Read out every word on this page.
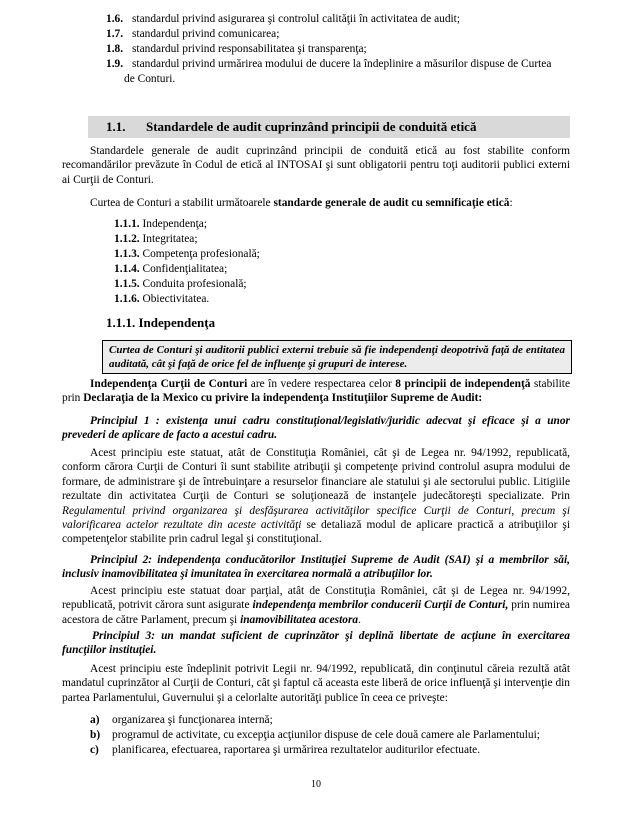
1.6. standardul privind asigurarea şi controlul calităţii în activitatea de audit;
1.7. standardul privind comunicarea;
1.8. standardul privind responsabilitatea şi transparenţa;
1.9. standardul privind urmărirea modului de ducere la îndeplinire a măsurilor dispuse de Curtea
de Conturi.
1.1. Standardele de audit cuprinzând principii de conduită etică

Standardele generale de audit cuprinzând principii de conduită etică au fost stabilite conform recomandărilor prevăzute în Codul de etică al INTOSAI şi sunt obligatorii pentru toţi auditorii publici externi ai Curţii de Conturi.

Curtea de Conturi a stabilit următoarele standarde generale de audit cu semnificaţie etică:

1.1.1. Independenţa;
1.1.2. Integritatea;
1.1.3. Competenţa profesională;
1.1.4. Confidenţialitatea;
1.1.5. Conduita profesională;
1.1.6. Obiectivitatea.
1.1.1. Independenţa
Curtea de Conturi şi auditorii publici externi trebuie să fie independenţi deopotrivă faţă de entitatea auditată, cât şi faţă de orice fel de influenţe şi grupuri de interese.

Independenţa Curţii de Conturi are în vedere respectarea celor 8 principii de independenţă stabilite prin Declaraţia de la Mexico cu privire la independenţa Instituţiilor Supreme de Audit:

Principiul 1 : existenţa unui cadru constituţional/legislativ/juridic adecvat şi eficace şi a unor prevederi de aplicare de facto a acestui cadru.

Acest principiu este statuat, atât de Constituţia României, cât şi de Legea nr. 94/1992, republicată, conform cărora Curţii de Conturi îi sunt stabilite atribuţii şi competenţe privind controlul asupra modului de formare, de administrare şi de întrebuinţare a resurselor financiare ale statului şi ale sectorului public. Litigiile rezultate din activitatea Curţii de Conturi se soluţionează de instanţele judecătoreşti specializate. Prin Regulamentul privind organizarea şi desfăşurarea activităţilor specifice Curţii de Conturi, precum şi valorificarea actelor rezultate din aceste activităţi se detaliază modul de aplicare practică a atribuţiilor şi competenţelor stabilite prin cadrul legal şi constituţional.

Principiul 2: independenţa conducătorilor Instituţiei Supreme de Audit (SAI) şi a membrilor săi, inclusiv inamovibilitatea şi imunitatea în exercitarea normală a atribuţiilor lor.

Acest principiu este statuat doar parţial, atât de Constituţia României, cât şi de Legea nr. 94/1992, republicată, potrivit cărora sunt asigurate independenţa membrilor conducerii Curţii de Conturi, prin numirea acestora de către Parlament, precum şi inamovibilitatea acestora.

Principiul 3: un mandat suficient de cuprinzător şi deplină libertate de acţiune în exercitarea funcţiilor instituţiei.

Acest principiu este îndeplinit potrivit Legii nr. 94/1992, republicată, din conţinutul căreia rezultă atât mandatul cuprinzător al Curţii de Conturi, cât şi faptul că aceasta este liberă de orice influenţă şi intervenţie din partea Parlamentului, Guvernului şi a celorlalte autorităţi publice în ceea ce priveşte:

a) organizarea şi funcţionarea internă;
b) programul de activitate, cu excepţia acţiunilor dispuse de cele două camere ale Parlamentului;
c) planificarea, efectuarea, raportarea şi urmărirea rezultatelor auditurilor efectuate.
10
